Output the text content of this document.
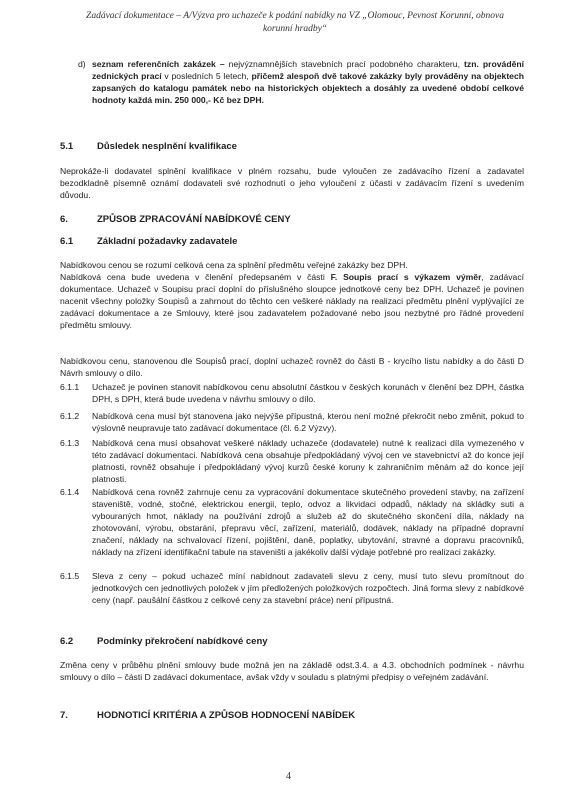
Zadávací dokumentace – A/Výzva pro uchazeče k podání nabídky na VZ „Olomouc, Pevnost Korunní, obnova korunní hradby“
d) seznam referenčních zakázek – nejvýznamnějších stavebních prací podobného charakteru, tzn. provádění zednických prací v posledních 5 letech, přičemž alespoň dvě takové zakázky byly prováděny na objektech zapsaných do katalogu památek nebo na historických objektech a dosáhly za uvedené období celkové hodnoty každá min. 250 000,- Kč bez DPH.
5.1	Důsledek nesplnění kvalifikace
Neprokáže-li dodavatel splnění kvalifikace v plném rozsahu, bude vyloučen ze zadávacího řízení a zadavatel bezodkladně písemně oznámí dodavateli své rozhodnutí o jeho vyloučení z účasti v zadávacím řízení s uvedením důvodu.
6.	ZPŮSOB ZPRACOVÁNÍ NABÍDKOVÉ CENY
6.1	Základní požadavky zadavatele
Nabídkovou cenou se rozumí celková cena za splnění předmětu veřejné zakázky bez DPH.
Nabídková cena bude uvedena v členění předepsaném v části F. Soupis prací s výkazem výměr, zadávací dokumentace. Uchazeč v Soupisu prací doplní do příslušného sloupce jednotkové ceny bez DPH. Uchazeč je povinen nacenit všechny položky Soupisů a zahrnout do těchto cen veškeré náklady na realizaci předmětu plnění vyplývající ze zadávací dokumentace a ze Smlouvy, které jsou zadavatelem požadované nebo jsou nezbytné pro řádné provedení předmětu smlouvy.
Nabídkovou cenu, stanovenou dle Soupisů prací, doplní uchazeč rovněž do části B - krycího listu nabídky a do části D Návrh smlouvy o dílo.
6.1.1 Uchazeč je povinen stanovit nabídkovou cenu absolutní částkou v českých korunách v členění bez DPH, částka DPH, s DPH, která bude uvedena v návrhu smlouvy o dílo.
6.1.2 Nabídková cena musí být stanovena jako nejvýše přípustná, kterou není možné překročit nebo změnit, pokud to výslovně neupravuje tato zadávací dokumentace (čl. 6.2 Výzvy).
6.1.3 Nabídková cena musí obsahovat veškeré náklady uchazeče (dodavatele) nutné k realizaci díla vymezeného v této zadávací dokumentaci. Nabídková cena obsahuje předpokládaný vývoj cen ve stavebnictví až do konce její platnosti, rovněž obsahuje i předpokládaný vývoj kurzů české koruny k zahraničním měnám až do konce její platnosti.
6.1.4 Nabídková cena rovněž zahrnuje cenu za vypracování dokumentace skutečného provedení stavby, na zařízení staveniště, vodné, stočné, elektrickou energii, teplo, odvoz a likvidaci odpadů, náklady na skládky suti a vybouraných hmot, náklady na používání zdrojů a služeb až do skutečného skončení díla, náklady na zhotovování, výrobu, obstarání, přepravu věcí, zařízení, materiálů, dodávek, náklady na případné dopravní značení, náklady na schvalovací řízení, pojištění, daně, poplatky, ubytování, stravné a dopravu pracovníků, náklady na zřízení identifikační tabule na staveništi a jakékoliv další výdaje potřebné pro realizaci zakázky.
6.1.5 Sleva z ceny – pokud uchazeč míní nabídnout zadavateli slevu z ceny, musí tuto slevu promítnout do jednotkových cen jednotlivých položek v jím předložených položkových rozpočtech. Jiná forma slevy z nabídkové ceny (např. paušální částkou z celkové ceny za stavební práce) není přípustná.
6.2	Podmínky překročení nabídkové ceny
Změna ceny v průběhu plnění smlouvy bude možná jen na základě odst.3.4. a 4.3. obchodních podmínek - návrhu smlouvy o dílo – části D zadávací dokumentace, avšak vždy v souladu s platnými předpisy o veřejném zadávání.
7.	HODNOTICÍ KRITÉRIA A ZPŮSOB HODNOCENÍ NABÍDEK
4
